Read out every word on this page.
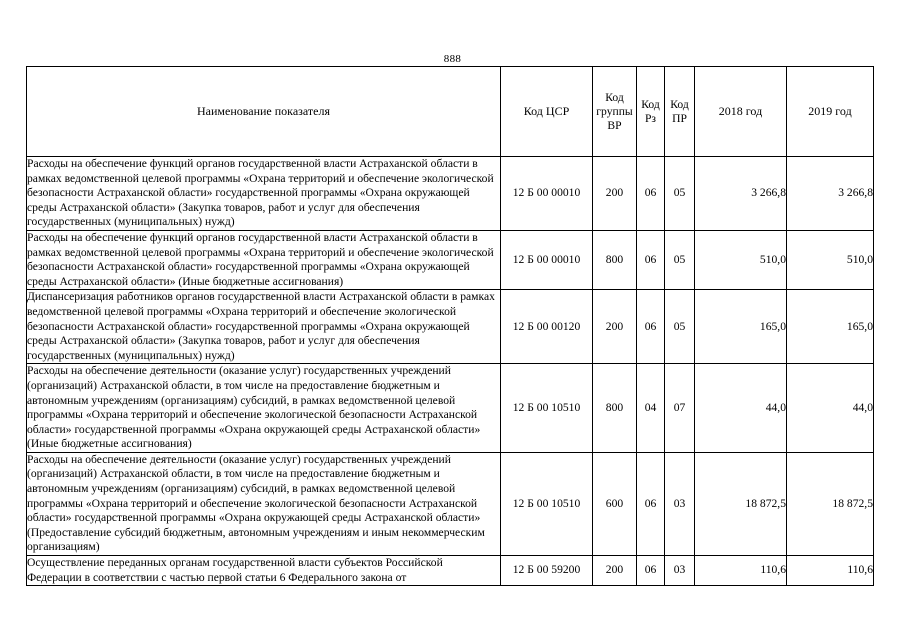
888
Наименование показателя	Код ЦСР	Код группы ВР	Код Рз	Код ПР	2018 год	2019 год
Расходы на обеспечение функций органов государственной власти Астраханской области в рамках ведомственной целевой программы «Охрана территорий и обеспечение экологической безопасности Астраханской области» государственной программы «Охрана окружающей среды Астраханской области» (Закупка товаров, работ и услуг для обеспечения государственных (муниципальных) нужд)	12 Б 00 00010	200	06	05	3 266,8	3 266,8
Расходы на обеспечение функций органов государственной власти Астраханской области в рамках ведомственной целевой программы «Охрана территорий и обеспечение экологической безопасности Астраханской области» государственной программы «Охрана окружающей среды Астраханской области» (Иные бюджетные ассигнования)	12 Б 00 00010	800	06	05	510,0	510,0
Диспансеризация работников органов государственной власти Астраханской области в рамках ведомственной целевой программы «Охрана территорий и обеспечение экологической безопасности Астраханской области» государственной программы «Охрана окружающей среды Астраханской области» (Закупка товаров, работ и услуг для обеспечения государственных (муниципальных) нужд)	12 Б 00 00120	200	06	05	165,0	165,0
Расходы на обеспечение деятельности (оказание услуг) государственных учреждений (организаций) Астраханской области, в том числе на предоставление бюджетным и автономным учреждениям (организациям) субсидий, в рамках ведомственной целевой программы «Охрана территорий и обеспечение экологической безопасности Астраханской области» государственной программы «Охрана окружающей среды Астраханской области» (Иные бюджетные ассигнования)	12 Б 00 10510	800	04	07	44,0	44,0
Расходы на обеспечение деятельности (оказание услуг) государственных учреждений (организаций) Астраханской области, в том числе на предоставление бюджетным и автономным учреждениям (организациям) субсидий, в рамках ведомственной целевой программы «Охрана территорий и обеспечение экологической безопасности Астраханской области» государственной программы «Охрана окружающей среды Астраханской области» (Предоставление субсидий бюджетным, автономным учреждениям и иным некоммерческим организациям)	12 Б 00 10510	600	06	03	18 872,5	18 872,5
Осуществление переданных органам государственной власти субъектов Российской Федерации в соответствии с частью первой статьи 6 Федерального закона от	12 Б 00 59200	200	06	03	110,6	110,6
